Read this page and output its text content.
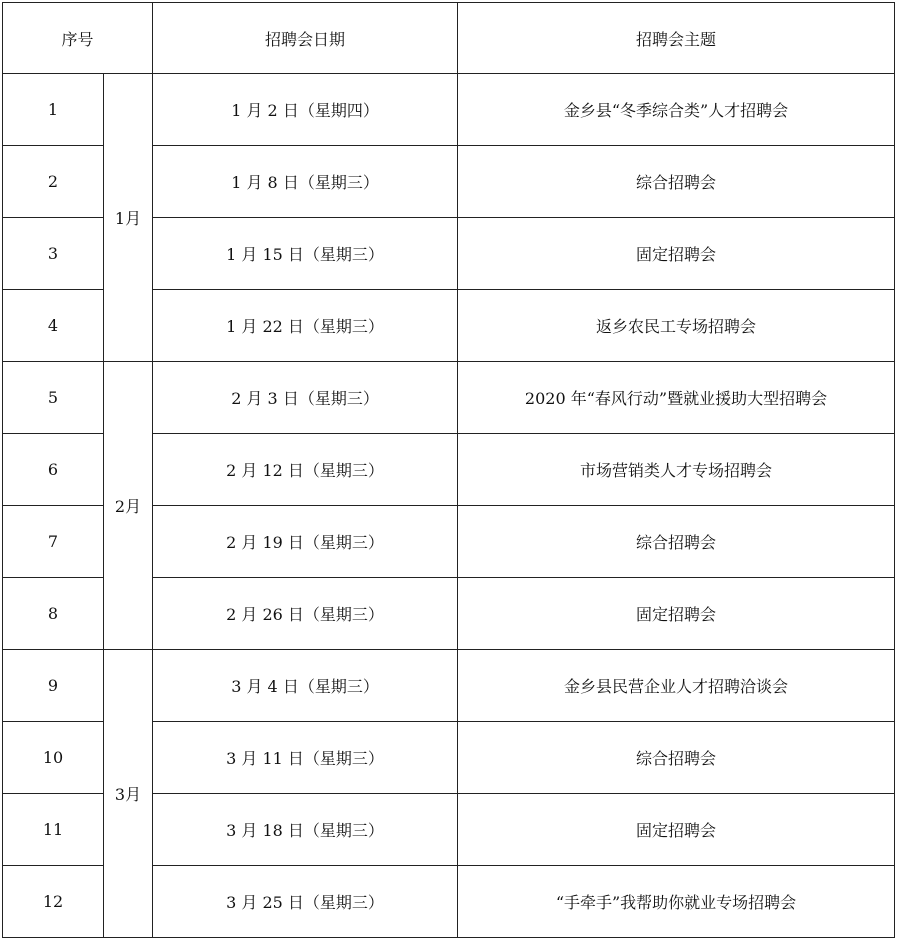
序号		招聘会日期	招聘会主题
1	1月	1 月 2 日（星期四）	金乡县“冬季综合类”人才招聘会
2		1 月 8 日（星期三）	综合招聘会
3		1 月 15 日（星期三）	固定招聘会
4		1 月 22 日（星期三）	返乡农民工专场招聘会
5	2月	2 月 3 日（星期三）	2020 年“春风行动”暨就业援助大型招聘会
6		2 月 12 日（星期三）	市场营销类人才专场招聘会
7		2 月 19 日（星期三）	综合招聘会
8		2 月 26 日（星期三）	固定招聘会
9	3月	3 月 4 日（星期三）	金乡县民营企业人才招聘洽谈会
10		3 月 11 日（星期三）	综合招聘会
11		3 月 18 日（星期三）	固定招聘会
12		3 月 25 日（星期三）	“手牵手”我帮助你就业专场招聘会
